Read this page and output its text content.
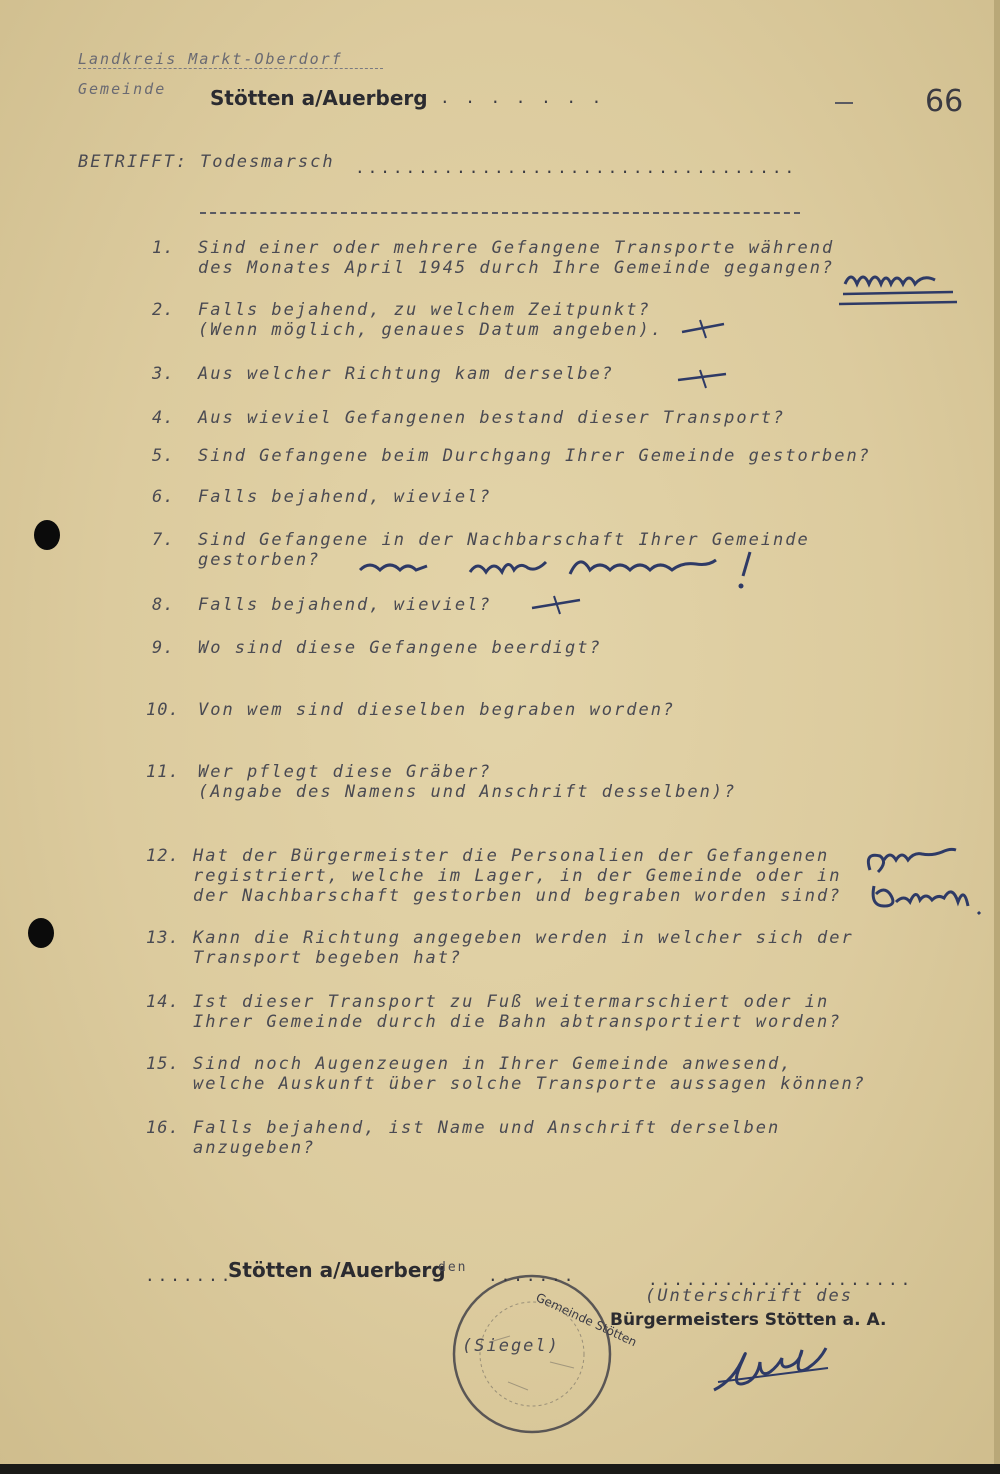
Landkreis Markt-Oberdorf
Gemeinde Stötten a/Auerberg . . . . . . .	66
BETRIFFT: Todesmarsch ...................................
1. Sind einer oder mehrere Gefangene Transporte während
des Monates April 1945 durch Ihre Gemeinde gegangen?
2. Falls bejahend, zu welchem Zeitpunkt?
(Wenn möglich, genaues Datum angeben).
3. Aus welcher Richtung kam derselbe?
4. Aus wieviel Gefangenen bestand dieser Transport?
5. Sind Gefangene beim Durchgang Ihrer Gemeinde gestorben?
6. Falls bejahend, wieviel?
7. Sind Gefangene in der Nachbarschaft Ihrer Gemeinde
gestorben?
8. Falls bejahend, wieviel?
9. Wo sind diese Gefangene beerdigt?
10. Von wem sind dieselben begraben worden?
11. Wer pflegt diese Gräber?
(Angabe des Namens und Anschrift desselben)?
12. Hat der Bürgermeister die Personalien der Gefangenen
registriert, welche im Lager, in der Gemeinde oder in
der Nachbarschaft gestorben und begraben worden sind?
13. Kann die Richtung angegeben werden in welcher sich der
Transport begeben hat?
14. Ist dieser Transport zu Fuß weitermarschiert oder in
Ihrer Gemeinde durch die Bahn abtransportiert worden?
15. Sind noch Augenzeugen in Ihrer Gemeinde anwesend,
welche Auskunft über solche Transporte aussagen können?
16. Falls bejahend, ist Name und Anschrift derselben
anzugeben?
.......
Stötten a/Auerberg
den .......	.....................
(Unterschrift des
Bürgermeisters Stötten a. A.
Gemeinde Stötten
(Siegel)
